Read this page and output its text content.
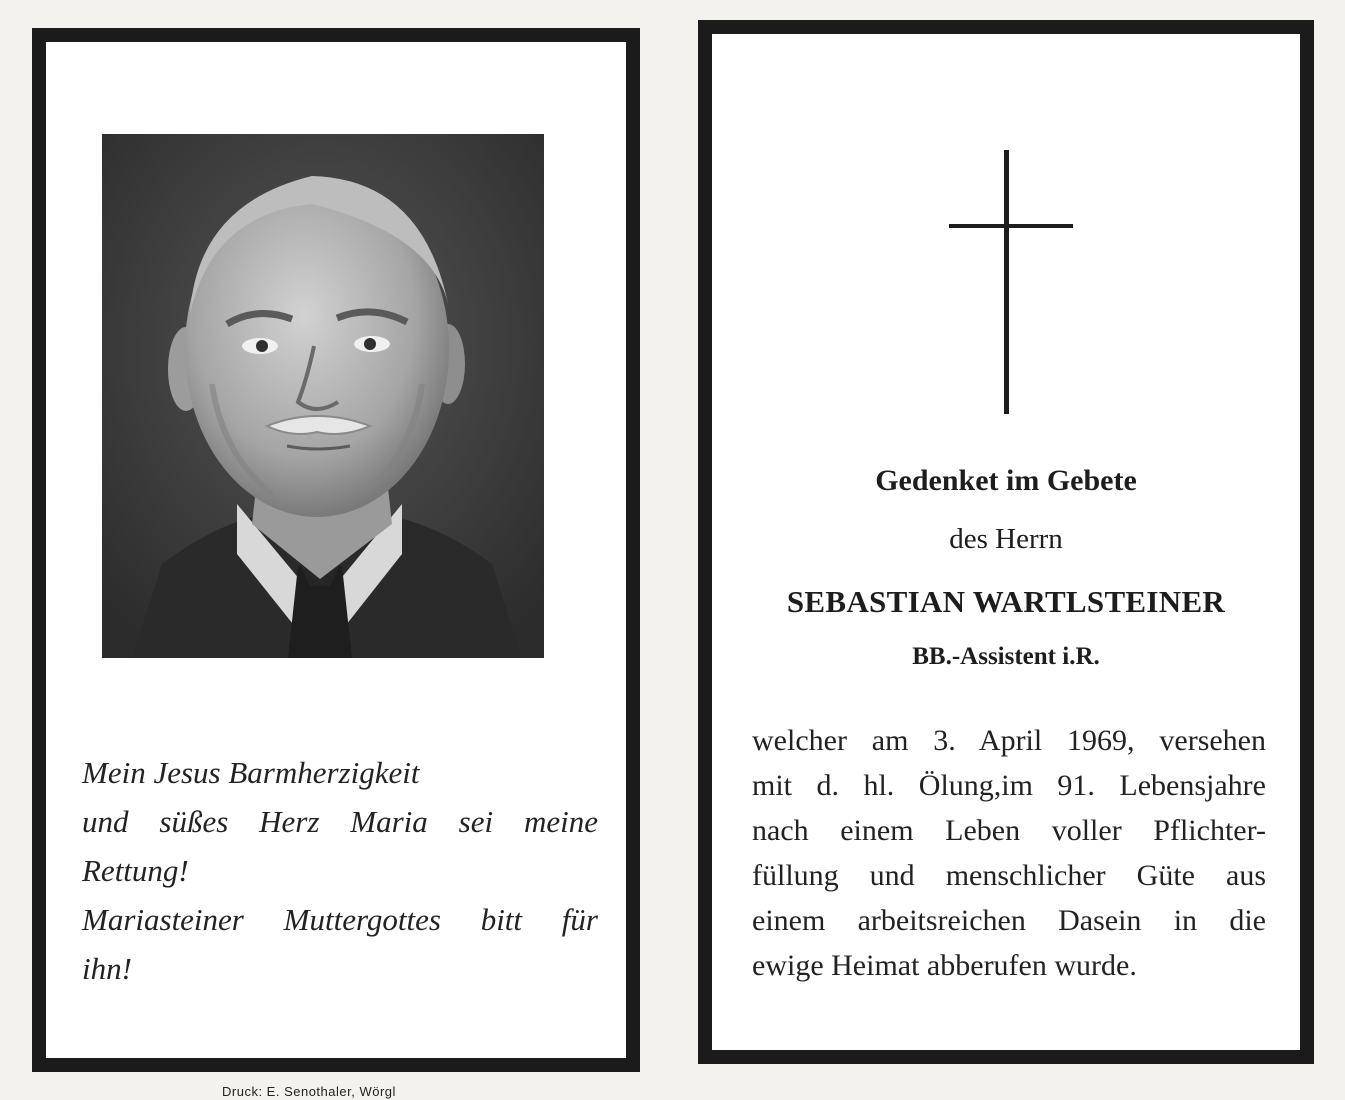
Mein Jesus Barmherzigkeit
und süßes Herz Maria sei meine
Rettung!
Mariasteiner Muttergottes bitt für
ihn!
Gedenket im Gebete
des Herrn
SEBASTIAN WARTLSTEINER
BB.-Assistent i.R.
welcher am 3. April 1969, versehen
mit d. hl. Ölung,im 91. Lebensjahre
nach einem Leben voller Pflichter-
füllung und menschlicher Güte aus
einem arbeitsreichen Dasein in die
ewige Heimat abberufen wurde.
Druck: E. Senothaler, Wörgl
